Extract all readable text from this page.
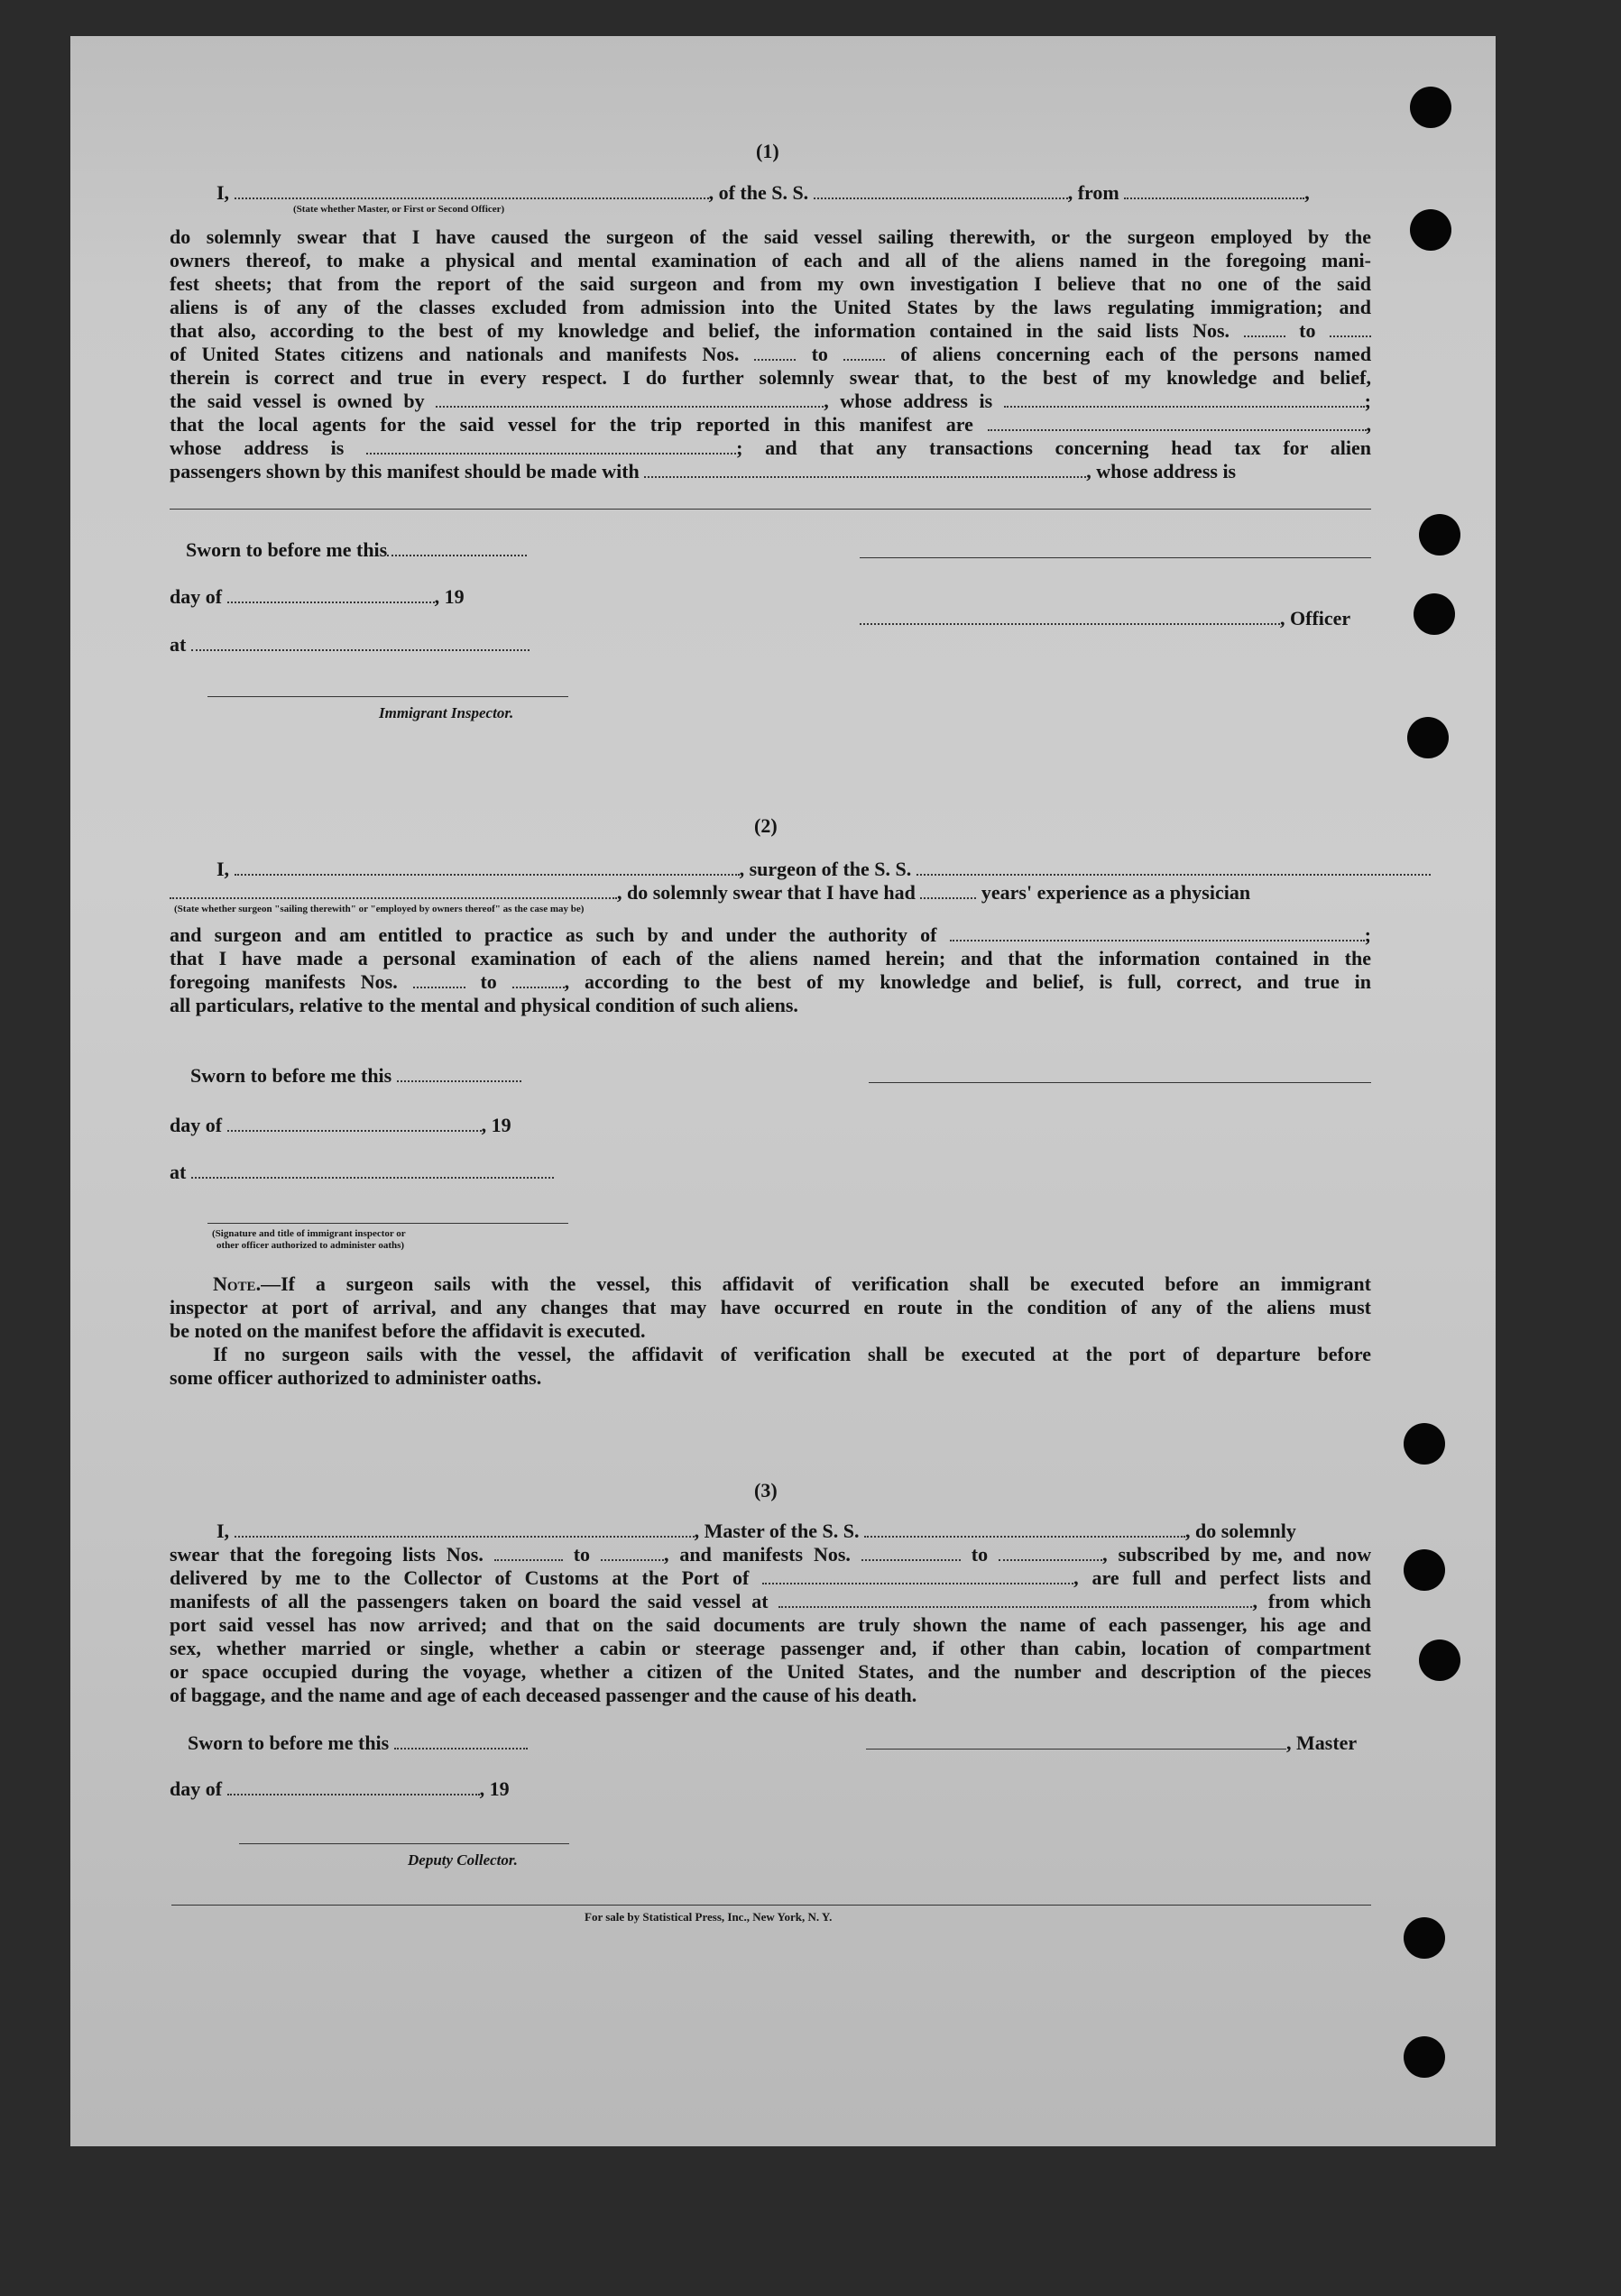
(1)
I,	, of the S. S.	, from	,
(State whether Master, or First or Second Officer)
do solemnly swear that I have caused the surgeon of the said vessel sailing therewith, or the surgeon employed by the
owners thereof, to make a physical and mental examination of each and all of the aliens named in the foregoing mani-
fest sheets; that from the report of the said surgeon and from my own investigation I believe that no one of the said
aliens is of any of the classes excluded from admission into the United States by the laws regulating immigration; and
that also, according to the best of my knowledge and belief, the information contained in the said lists Nos.	to
of United States citizens and nationals and manifests Nos.	to	of aliens concerning each of the persons named
therein is correct and true in every respect. I do further solemnly swear that, to the best of my knowledge and belief,
the said vessel is owned by	, whose address is	;
that the local agents for the said vessel for the trip reported in this manifest are	,
whose address is	; and that any transactions concerning head tax for alien
passengers shown by this manifest should be made with	, whose address is
Sworn to before me this
day of	, 19
, Officer
at
Immigrant Inspector.
(2)
I,	, surgeon of the S. S.
, do solemnly swear that I have had	years' experience as a physician
(State whether surgeon "sailing therewith" or "employed by owners thereof" as the case may be)
and surgeon and am entitled to practice as such by and under the authority of	;
that I have made a personal examination of each of the aliens named herein; and that the information contained in the
foregoing manifests Nos.	to	, according to the best of my knowledge and belief, is full, correct, and true in
all particulars, relative to the mental and physical condition of such aliens.
Sworn to before me this
day of	, 19
at
(Signature and title of immigrant inspector or
other officer authorized to administer oaths)
Note.—If a surgeon sails with the vessel, this affidavit of verification shall be executed before an immigrant
inspector at port of arrival, and any changes that may have occurred en route in the condition of any of the aliens must
be noted on the manifest before the affidavit is executed.
If no surgeon sails with the vessel, the affidavit of verification shall be executed at the port of departure before
some officer authorized to administer oaths.
(3)
I,	, Master of the S. S.	, do solemnly
swear that the foregoing lists Nos.	to	, and manifests Nos.	to	, subscribed by me, and now
delivered by me to the Collector of Customs at the Port of	, are full and perfect lists and
manifests of all the passengers taken on board the said vessel at	, from which
port said vessel has now arrived; and that on the said documents are truly shown the name of each passenger, his age and
sex, whether married or single, whether a cabin or steerage passenger and, if other than cabin, location of compartment
or space occupied during the voyage, whether a citizen of the United States, and the number and description of the pieces
of baggage, and the name and age of each deceased passenger and the cause of his death.
Sworn to before me this	, Master
day of	, 19
Deputy Collector.
For sale by Statistical Press, Inc., New York, N. Y.
